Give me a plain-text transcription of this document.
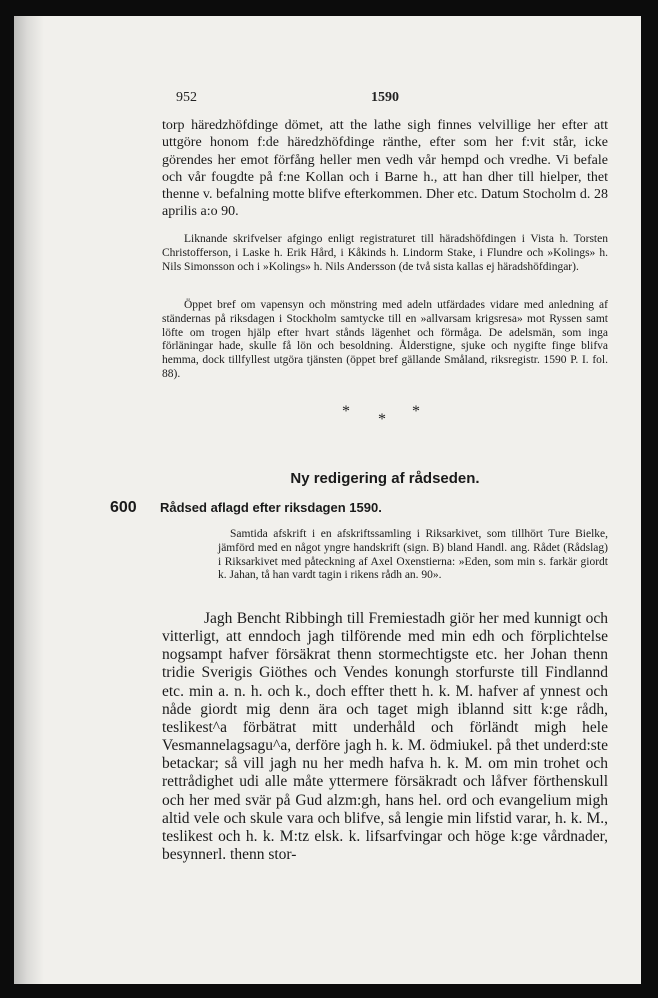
952	1590
torp häredzhöfdinge dömet, att the lathe sigh finnes velvillige her efter att uttgöre honom f:de häredzhöfdinge ränthe, efter som her f:vit står, icke görendes her emot förfång heller men vedh vår hempd och vredhe. Vi befale och vår fougdte på f:ne Kollan och i Barne h., att han dher till hielper, thet thenne v. befalning motte blifve efterkommen. Dher etc. Datum Stocholm d. 28 aprilis a:o 90.

Liknande skrifvelser afgingo enligt registraturet till häradshöfdingen i Vista h. Torsten Christofferson, i Laske h. Erik Hård, i Kåkinds h. Lindorm Stake, i Flundre och »Kolings» h. Nils Simonsson och i »Kolings» h. Nils Andersson (de två sista kallas ej häradshöfdingar).

Öppet bref om vapensyn och mönstring med adeln utfärdades vidare med anledning af ständernas på riksdagen i Stockholm samtycke till en »allvarsam krigsresa» mot Ryssen samt löfte om trogen hjälp efter hvart stånds lägenhet och förmåga. De adelsmän, som inga förläningar hade, skulle få lön och besoldning. Ålderstigne, sjuke och nygifte finge blifva hemma, dock tillfyllest utgöra tjänsten (öppet bref gällande Småland, riksregistr. 1590 P. I. fol. 88).

* * *
Ny redigering af rådseden.
600 Rådsed aflagd efter riksdagen 1590.
Samtida afskrift i en afskriftssamling i Riksarkivet, som tillhört Ture Bielke, jämförd med en något yngre handskrift (sign. B) bland Handl. ang. Rådet (Rådslag) i Riksarkivet med påteckning af Axel Oxenstierna: »Eden, som min s. farkär giordt k. Jahan, tå han vardt tagin i rikens rådh an. 90».

Jagh Bencht Ribbingh till Fremiestadh giör her med kunnigt och vitterligt, att enndoch jagh tilförende med min edh och förplichtelse nogsampt hafver försäkrat thenn stormechtigste etc. her Johan thenn tridie Sverigis Giöthes och Vendes konungh storfurste till Findlannd etc. min a. n. h. och k., doch effter thett h. k. M. hafver af ynnest och nåde giordt mig denn ära och taget migh iblannd sitt k:ge rådh, teslikest^a förbätrat mitt underhåld och förländt migh hele Vesmannelagsagu^a, derföre jagh h. k. M. ödmiukel. på thet underd:ste betackar; så vill jagh nu her medh hafva h. k. M. om min trohet och rettrådighet udi alle måte yttermere försäkradt och låfver förthenskull och her med svär på Gud alzm:gh, hans hel. ord och evangelium migh altid vele och skule vara och blifve, så lengie min lifstid varar, h. k. M., teslikest och h. k. M:tz elsk. k. lifsarfvingar och höge k:ge vårdnader, besynnerl. thenn stor-
